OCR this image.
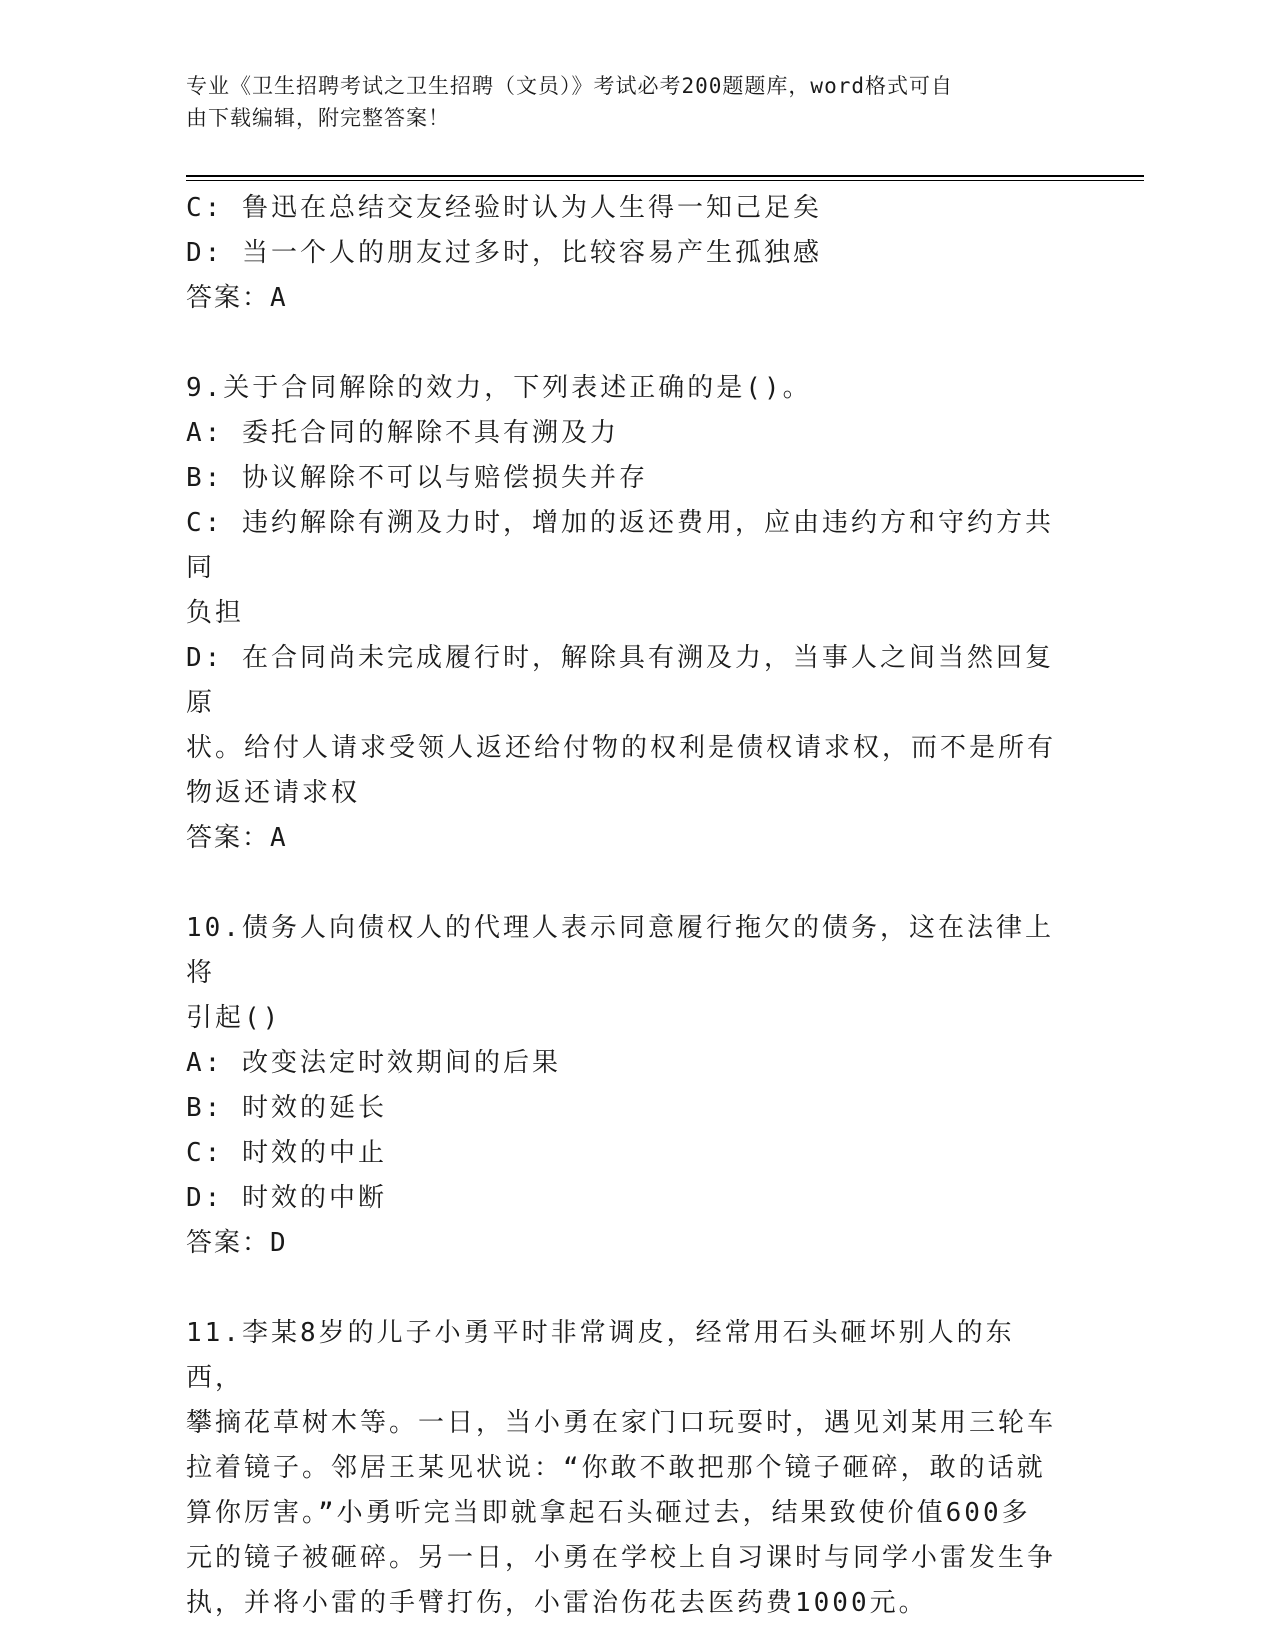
专业《卫生招聘考试之卫生招聘（文员）》考试必考200题题库，word格式可自
由下载编辑，附完整答案！
C: 鲁迅在总结交友经验时认为人生得一知己足矣
D: 当一个人的朋友过多时，比较容易产生孤独感
答案：A
9.关于合同解除的效力，下列表述正确的是()。
A: 委托合同的解除不具有溯及力
B: 协议解除不可以与赔偿损失并存
C: 违约解除有溯及力时，增加的返还费用，应由违约方和守约方共同
负担
D: 在合同尚未完成履行时，解除具有溯及力，当事人之间当然回复原
状。给付人请求受领人返还给付物的权利是债权请求权，而不是所有
物返还请求权
答案：A
10.债务人向债权人的代理人表示同意履行拖欠的债务，这在法律上将
引起()
A: 改变法定时效期间的后果
B: 时效的延长
C: 时效的中止
D: 时效的中断
答案：D
11.李某8岁的儿子小勇平时非常调皮，经常用石头砸坏别人的东西，
攀摘花草树木等。一日，当小勇在家门口玩耍时，遇见刘某用三轮车
拉着镜子。邻居王某见状说：“你敢不敢把那个镜子砸碎，敢的话就
算你厉害。”小勇听完当即就拿起石头砸过去，结果致使价值600多
元的镜子被砸碎。另一日，小勇在学校上自习课时与同学小雷发生争
执，并将小雷的手臂打伤，小雷治伤花去医药费1000元。
